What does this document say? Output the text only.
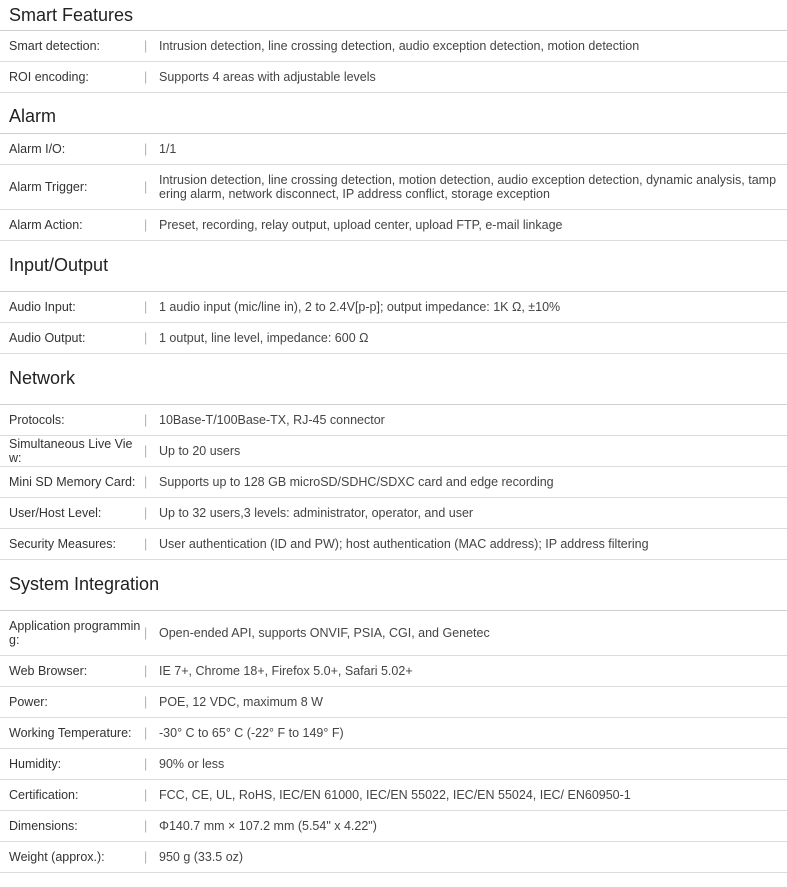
Smart Features
Smart detection:	| Intrusion detection, line crossing detection, audio exception detection, motion detection
ROI encoding:	| Supports 4 areas with adjustable levels
Alarm
Alarm I/O:	| 1/1
Alarm Trigger:	| Intrusion detection, line crossing detection, motion detection, audio exception detection, dynamic analysis, tampering alarm, network disconnect, IP address conflict, storage exception
Alarm Action:	| Preset, recording, relay output, upload center, upload FTP, e-mail linkage
Input/Output
Audio Input:	| 1 audio input (mic/line in), 2 to 2.4V[p-p]; output impedance: 1K Ω, ±10%
Audio Output:	| 1 output, line level, impedance: 600 Ω
Network
Protocols:	| 10Base-T/100Base-TX, RJ-45 connector
Simultaneous Live View:	| Up to 20 users
Mini SD Memory Card: | Supports up to 128 GB microSD/SDHC/SDXC card and edge recording
User/Host Level:	| Up to 32 users,3 levels: administrator, operator, and user
Security Measures:	| User authentication (ID and PW); host authentication (MAC address); IP address filtering
System Integration
Application programming:	| Open-ended API, supports ONVIF, PSIA, CGI, and Genetec
Web Browser:	| IE 7+, Chrome 18+, Firefox 5.0+, Safari 5.02+
Power:	| POE, 12 VDC, maximum 8 W
Working Temperature: | -30° C to 65° C (-22° F to 149° F)
Humidity:	| 90% or less
Certification:	| FCC, CE, UL, RoHS, IEC/EN 61000, IEC/EN 55022, IEC/EN 55024, IEC/ EN60950-1
Dimensions:	| Φ140.7 mm × 107.2 mm (5.54" x 4.22")
Weight (approx.):	| 950 g (33.5 oz)
